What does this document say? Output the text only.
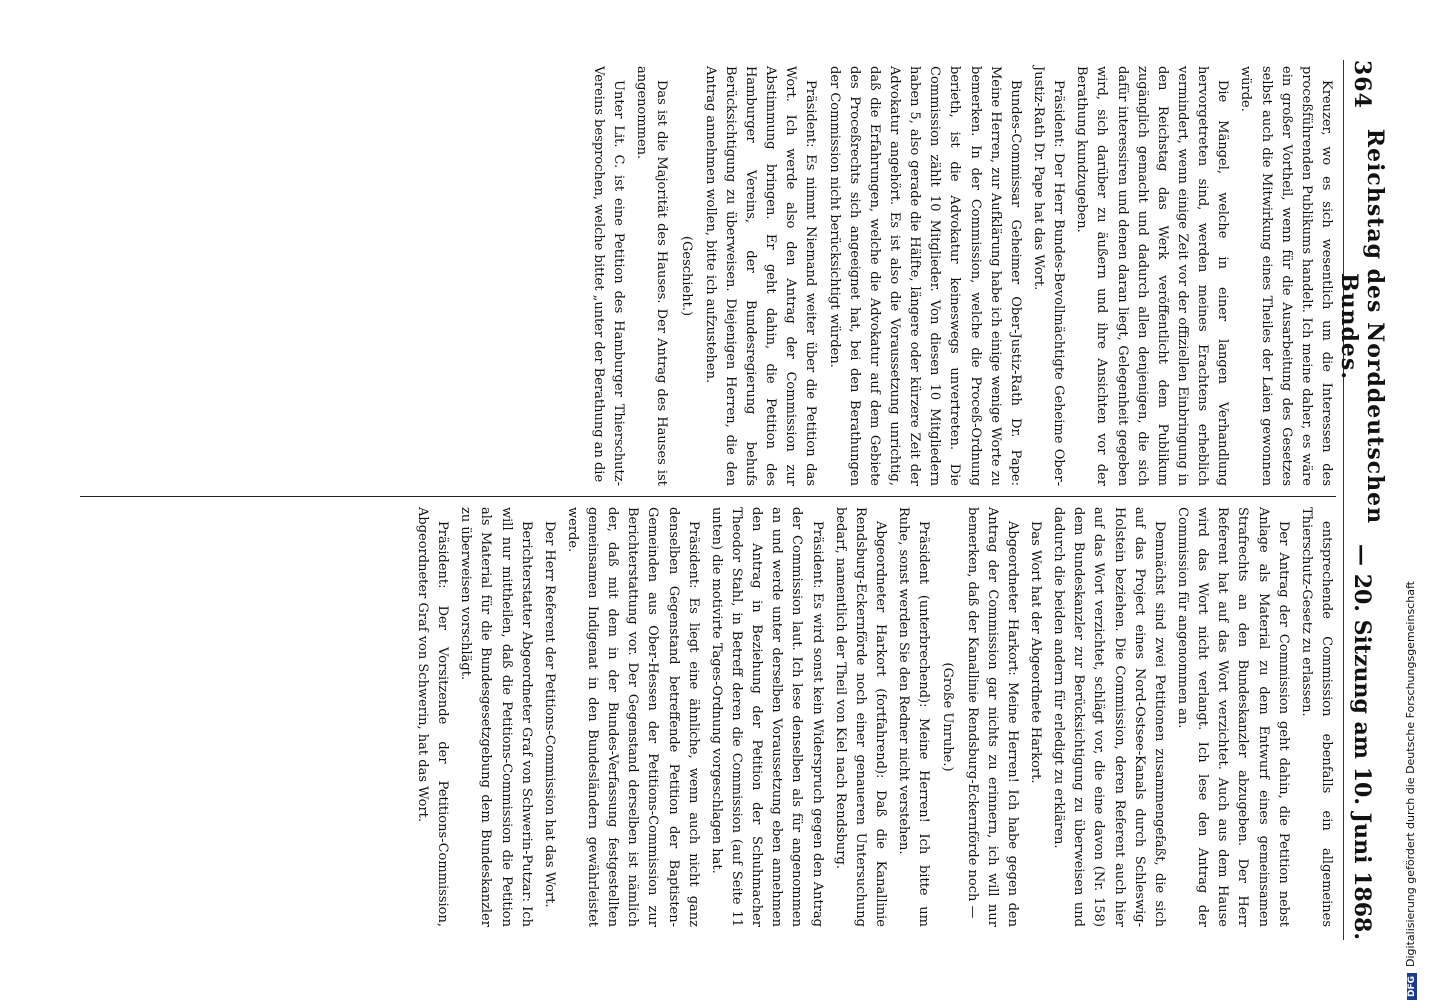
364
Reichstag des Norddeutschen Bundes.
— 20. Sitzung am 10. Juni 1868.

Kreuzer, wo es sich wesentlich um die Interessen des proceßführenden Publikums handelt. Ich meine daher, es wäre ein großer Vortheil, wenn für die Ausarbeitung des Gesetzes selbst auch die Mitwirkung eines Theiles der Laien gewonnen würde.

Die Mängel, welche in einer langen Verhandlung hervorgetreten sind, werden meines Erachtens erheblich vermindert, wenn einige Zeit vor der offiziellen Einbringung in den Reichstag das Werk veröffentlicht dem Publikum zugänglich gemacht und dadurch allen denjenigen, die sich dafür interessiren und denen daran liegt, Gelegenheit gegeben wird, sich darüber zu äußern und ihre Ansichten vor der Berathung kundzugeben.

Präsident: Der Herr Bundes-Bevollmächtigte Geheime Ober-Justiz-Rath Dr. Pape hat das Wort.

Bundes-Commissar Geheimer Ober-Justiz-Rath Dr. Pape: Meine Herren, zur Aufklärung habe ich einige wenige Worte zu bemerken. In der Commission, welche die Proceß-Ordnung berieth, ist die Advokatur keineswegs unvertreten. Die Commission zählt 10 Mitglieder. Von diesen 10 Mitgliedern haben 5, also gerade die Hälfte, längere oder kürzere Zeit der Advokatur angehört. Es ist also die Voraussetzung unrichtig, daß die Erfahrungen, welche die Advokatur auf dem Gebiete des Proceßrechts sich angeeignet hat, bei den Berathungen der Commission nicht berücksichtigt würden.

Präsident: Es nimmt Niemand weiter über die Petition das Wort. Ich werde also den Antrag der Commission zur Abstimmung bringen. Er geht dahin, die Petition des Hamburger Vereins, der Bundesregierung behufs Berücksichtigung zu überweisen. Diejenigen Herren, die den Antrag annehmen wollen, bitte ich aufzustehen.

(Geschieht.)

Das ist die Majorität des Hauses. Der Antrag des Hauses ist angenommen.

Unter Lit. C. ist eine Petition des Hamburger Thierschutz-Vereins besprochen, welche bittet „unter der Berathung an die

entsprechende Commission ebenfalls ein allgemeines Thierschutz-Gesetz zu erlassen.

Der Antrag der Commission geht dahin, die Petition nebst Anlage als Material zu dem Entwurf eines gemeinsamen Strafrechts an den Bundeskanzler abzugeben. Der Herr Referent hat auf das Wort verzichtet. Auch aus dem Hause wird das Wort nicht verlangt. Ich lese den Antrag der Commission für angenommen an.

Demnächst sind zwei Petitionen zusammengefaßt, die sich auf das Project eines Nord-Ostsee-Kanals durch Schleswig-Holstein beziehen. Die Commission, deren Referent auch hier auf das Wort verzichtet, schlägt vor, die eine davon (Nr. 158) dem Bundeskanzler zur Berücksichtigung zu überweisen und dadurch die beiden andern für erledigt zu erklären.

Das Wort hat der Abgeordnete Harkort.

Abgeordneter Harkort: Meine Herren! Ich habe gegen den Antrag der Commission gar nichts zu erinnern, ich will nur bemerken, daß der Kanallinie Rendsburg-Eckernförde noch —

(Große Unruhe.)

Präsident (unterbrechend): Meine Herren! Ich bitte um Ruhe, sonst werden Sie den Redner nicht verstehen.

Abgeordneter Harkort (fortfahrend): Daß die Kanallinie Rendsburg-Eckernförde noch einer genaueren Untersuchung bedarf, namentlich der Theil von Kiel nach Rendsburg.

Präsident: Es wird sonst kein Widerspruch gegen den Antrag der Commission laut. Ich lese denselben als für angenommen an und werde unter derselben Voraussetzung eben annehmen den Antrag in Beziehung der Petition der Schuhmacher Theodor Stahl, in Betreff deren die Commission (auf Seite 11 unten) die motivirte Tages-Ordnung vorgeschlagen hat.

Präsident: Es liegt eine ähnliche, wenn auch nicht ganz denselben Gegenstand betreffende Petition der Baptisten-Gemeinden aus Ober-Hessen der Petitions-Commission zur Berichterstattung vor. Der Gegenstand derselben ist nämlich der, daß mit dem in der Bundes-Verfassung festgestellten gemeinsamen Indigenat in den Bundesländern gewährleistet werde.

Der Herr Referent der Petitions-Commission hat das Wort.

Berichterstatter Abgeordneter Graf von Schwerin-Putzar: Ich will nur mittheilen, daß die Petitions-Commission die Petition als Material für die Bundesgesetzgebung dem Bundeskanzler zu überweisen vorschlägt.

Präsident: Der Vorsitzende der Petitions-Commission, Abgeordneter Graf von Schwerin, hat das Wort.

DFGDigitalisierung gefördert durch die Deutsche Forschungsgemeinschaft
